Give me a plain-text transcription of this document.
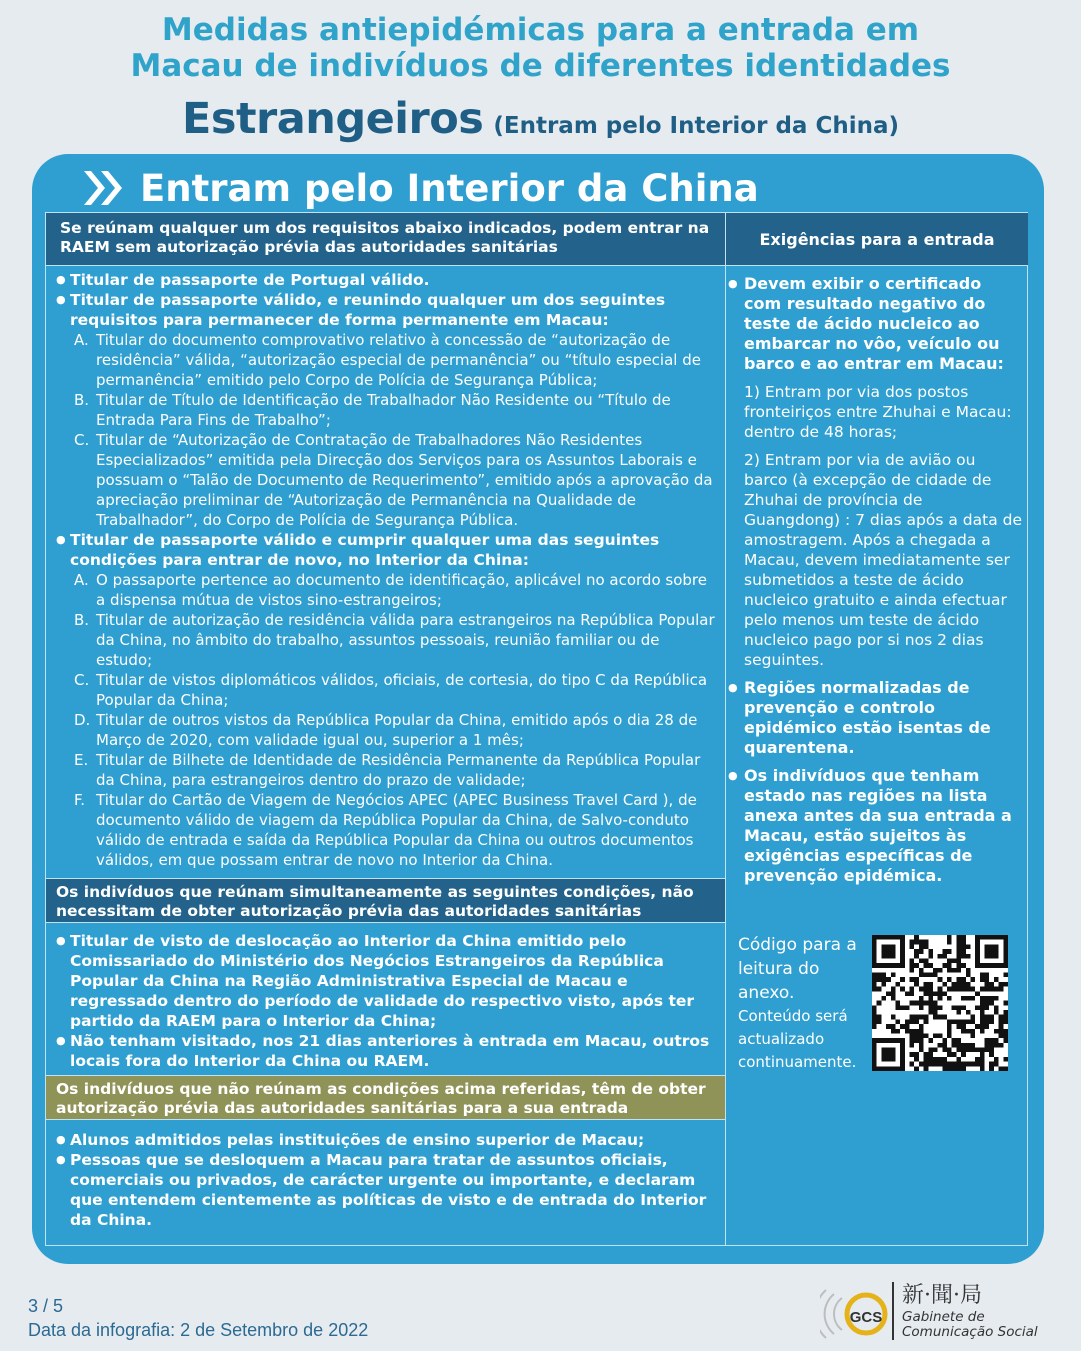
Medidas antiepidémicas para a entrada em
Macau de indivíduos de diferentes identidades
Estrangeiros (Entram pelo Interior da China)
Entram pelo Interior da China
Se reúnam qualquer um dos requisitos abaixo indicados, podem entrar na RAEM sem autorização prévia das autoridades sanitárias
● Titular de passaporte de Portugal válido.
● Titular de passaporte válido, e reunindo qualquer um dos seguintes requisitos para permanecer de forma permanente em Macau:
A. Titular do documento comprovativo relativo à concessão de “autorização de residência” válida, “autorização especial de permanência” ou “título especial de permanência” emitido pelo Corpo de Polícia de Segurança Pública;
B. Titular de Título de Identificação de Trabalhador Não Residente ou “Título de Entrada Para Fins de Trabalho”;
C. Titular de “Autorização de Contratação de Trabalhadores Não Residentes Especializados” emitida pela Direcção dos Serviços para os Assuntos Laborais e possuam o “Talão de Documento de Requerimento”, emitido após a aprovação da apreciação preliminar de “Autorização de Permanência na Qualidade de Trabalhador”, do Corpo de Polícia de Segurança Pública.
● Titular de passaporte válido e cumprir qualquer uma das seguintes condições para entrar de novo, no Interior da China:
A. O passaporte pertence ao documento de identificação, aplicável no acordo sobre a dispensa mútua de vistos sino-estrangeiros;
B. Titular de autorização de residência válida para estrangeiros na República Popular da China, no âmbito do trabalho, assuntos pessoais, reunião familiar ou de estudo;
C. Titular de vistos diplomáticos válidos, oficiais, de cortesia, do tipo C da República Popular da China;
D. Titular de outros vistos da República Popular da China, emitido após o dia 28 de Março de 2020, com validade igual ou, superior a 1 mês;
E. Titular de Bilhete de Identidade de Residência Permanente da República Popular da China, para estrangeiros dentro do prazo de validade;
F. Titular do Cartão de Viagem de Negócios APEC (APEC Business Travel Card ), de documento válido de viagem da República Popular da China, de Salvo-conduto válido de entrada e saída da República Popular da China ou outros documentos válidos, em que possam entrar de novo no Interior da China.
Os indivíduos que reúnam simultaneamente as seguintes condições, não necessitam de obter autorização prévia das autoridades sanitárias
● Titular de visto de deslocação ao Interior da China emitido pelo Comissariado do Ministério dos Negócios Estrangeiros da República Popular da China na Região Administrativa Especial de Macau e regressado dentro do período de validade do respectivo visto, após ter partido da RAEM para o Interior da China;
● Não tenham visitado, nos 21 dias anteriores à entrada em Macau, outros locais fora do Interior da China ou RAEM.
Os indivíduos que não reúnam as condições acima referidas, têm de obter autorização prévia das autoridades sanitárias para a sua entrada
● Alunos admitidos pelas instituições de ensino superior de Macau;
● Pessoas que se desloquem a Macau para tratar de assuntos oficiais, comerciais ou privados, de carácter urgente ou importante, e declaram que entendem cientemente as políticas de visto e de entrada do Interior da China.
Exigências para a entrada
● Devem exibir o certificado com resultado negativo do teste de ácido nucleico ao embarcar no vôo, veículo ou barco e ao entrar em Macau:
1) Entram por via dos postos fronteiriços entre Zhuhai e Macau: dentro de 48 horas;
2) Entram por via de avião ou barco (à excepção de cidade de Zhuhai de província de Guangdong) : 7 dias após a data de amostragem. Após a chegada a Macau, devem imediatamente ser submetidos a teste de ácido nucleico gratuito e ainda efectuar pelo menos um teste de ácido nucleico pago por si nos 2 dias seguintes.
● Regiões normalizadas de prevenção e controlo epidémico estão isentas de quarentena.
● Os indivíduos que tenham estado nas regiões na lista anexa antes da sua entrada a Macau, estão sujeitos às exigências específicas de prevenção epidémica.
Código para a leitura do anexo.
Conteúdo será actualizado continuamente.
3 / 5
Data da infografia: 2 de Setembro de 2022
GCS
新·聞·局
Gabinete de
Comunicação Social
